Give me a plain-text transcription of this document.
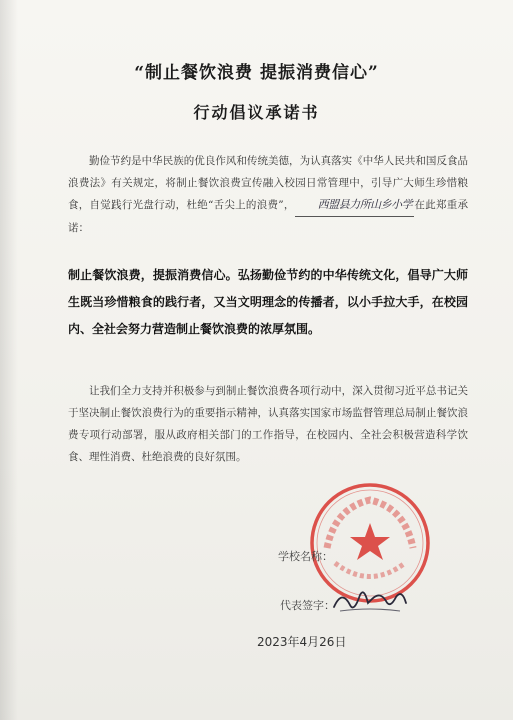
“制止餐饮浪费 提振消费信心”
行动倡议承诺书
勤俭节约是中华民族的优良作风和传统美德，为认真落实《中华人民共和国反食品浪费法》有关规定，将制止餐饮浪费宣传融入校园日常管理中，引导广大师生珍惜粮食，自觉践行光盘行动，杜绝“舌尖上的浪费”， 西盟县力所山乡小学 在此郑重承诺：
制止餐饮浪费，提振消费信心。弘扬勤俭节约的中华传统文化，倡导广大师生既当珍惜粮食的践行者，又当文明理念的传播者，以小手拉大手，在校园内、全社会努力营造制止餐饮浪费的浓厚氛围。
让我们全力支持并积极参与到制止餐饮浪费各项行动中，深入贯彻习近平总书记关于坚决制止餐饮浪费行为的重要指示精神，认真落实国家市场监督管理总局制止餐饮浪费专项行动部署，服从政府相关部门的工作指导，在校园内、全社会积极营造科学饮食、理性消费、杜绝浪费的良好氛围。
学校名称：
代表签字：
2023年4月26日
